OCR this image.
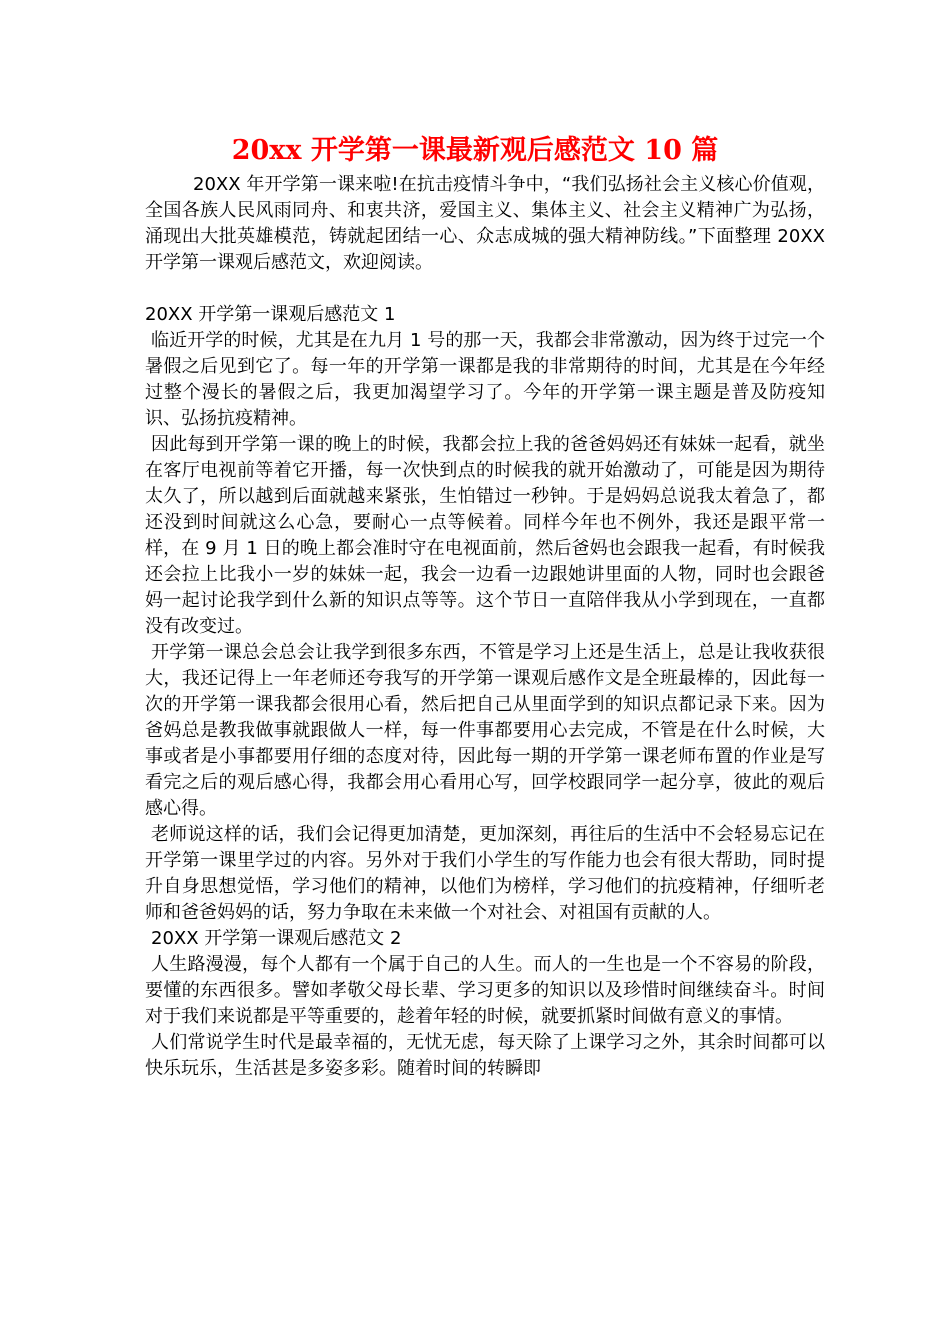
20xx 开学第一课最新观后感范文 10 篇

20XX 年开学第一课来啦!在抗击疫情斗争中，“我们弘扬社会主义核心价值观，全国各族人民风雨同舟、和衷共济，爱国主义、集体主义、社会主义精神广为弘扬，涌现出大批英雄模范，铸就起团结一心、众志成城的强大精神防线。”下面整理 20XX 开学第一课观后感范文，欢迎阅读。

20XX 开学第一课观后感范文 1

临近开学的时候，尤其是在九月 1 号的那一天，我都会非常激动，因为终于过完一个暑假之后见到它了。每一年的开学第一课都是我的非常期待的时间，尤其是在今年经过整个漫长的暑假之后，我更加渴望学习了。今年的开学第一课主题是普及防疫知识、弘扬抗疫精神。

因此每到开学第一课的晚上的时候，我都会拉上我的爸爸妈妈还有妹妹一起看，就坐在客厅电视前等着它开播，每一次快到点的时候我的就开始激动了，可能是因为期待太久了，所以越到后面就越来紧张，生怕错过一秒钟。于是妈妈总说我太着急了，都还没到时间就这么心急，要耐心一点等候着。同样今年也不例外，我还是跟平常一样，在 9 月 1 日的晚上都会准时守在电视面前，然后爸妈也会跟我一起看，有时候我还会拉上比我小一岁的妹妹一起，我会一边看一边跟她讲里面的人物，同时也会跟爸妈一起讨论我学到什么新的知识点等等。这个节日一直陪伴我从小学到现在，一直都没有改变过。

开学第一课总会总会让我学到很多东西，不管是学习上还是生活上，总是让我收获很大，我还记得上一年老师还夸我写的开学第一课观后感作文是全班最棒的，因此每一次的开学第一课我都会很用心看，然后把自己从里面学到的知识点都记录下来。因为爸妈总是教我做事就跟做人一样，每一件事都要用心去完成，不管是在什么时候，大事或者是小事都要用仔细的态度对待，因此每一期的开学第一课老师布置的作业是写看完之后的观后感心得，我都会用心看用心写，回学校跟同学一起分享，彼此的观后感心得。

老师说这样的话，我们会记得更加清楚，更加深刻，再往后的生活中不会轻易忘记在开学第一课里学过的内容。另外对于我们小学生的写作能力也会有很大帮助，同时提升自身思想觉悟，学习他们的精神，以他们为榜样，学习他们的抗疫精神，仔细听老师和爸爸妈妈的话，努力争取在未来做一个对社会、对祖国有贡献的人。

20XX 开学第一课观后感范文 2

人生路漫漫，每个人都有一个属于自己的人生。而人的一生也是一个不容易的阶段，要懂的东西很多。譬如孝敬父母长辈、学习更多的知识以及珍惜时间继续奋斗。时间对于我们来说都是平等重要的，趁着年轻的时候，就要抓紧时间做有意义的事情。

人们常说学生时代是最幸福的，无忧无虑，每天除了上课学习之外，其余时间都可以快乐玩乐，生活甚是多姿多彩。随着时间的转瞬即
